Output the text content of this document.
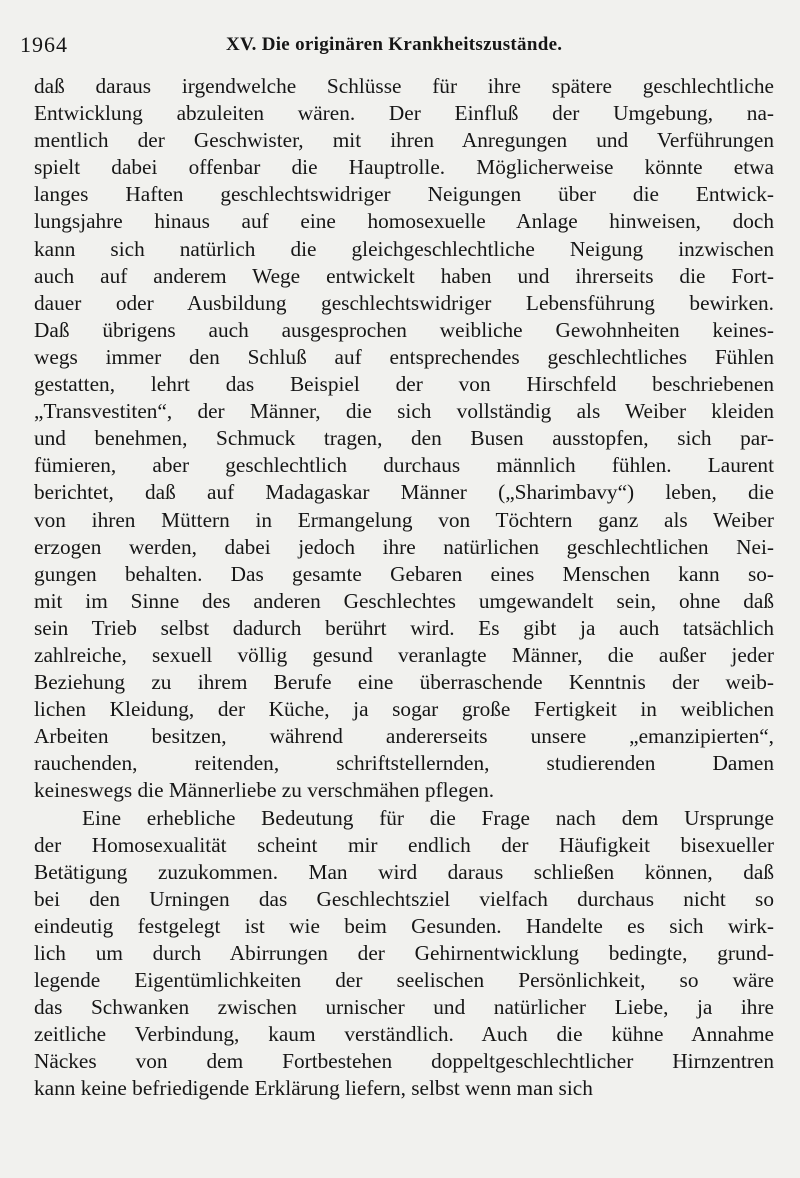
1964	XV. Die originären Krankheitszustände.
daß daraus irgendwelche Schlüsse für ihre spätere geschlechtliche
Entwicklung abzuleiten wären. Der Einfluß der Umgebung, na-
mentlich der Geschwister, mit ihren Anregungen und Verführungen
spielt dabei offenbar die Hauptrolle. Möglicherweise könnte etwa
langes Haften geschlechtswidriger Neigungen über die Entwick-
lungsjahre hinaus auf eine homosexuelle Anlage hinweisen, doch
kann sich natürlich die gleichgeschlechtliche Neigung inzwischen
auch auf anderem Wege entwickelt haben und ihrerseits die Fort-
dauer oder Ausbildung geschlechtswidriger Lebensführung bewirken.
Daß übrigens auch ausgesprochen weibliche Gewohnheiten keines-
wegs immer den Schluß auf entsprechendes geschlechtliches Fühlen
gestatten, lehrt das Beispiel der von Hirschfeld beschriebenen
„Transvestiten“, der Männer, die sich vollständig als Weiber kleiden
und benehmen, Schmuck tragen, den Busen ausstopfen, sich par-
fümieren, aber geschlechtlich durchaus männlich fühlen. Laurent
berichtet, daß auf Madagaskar Männer („Sharimbavy“) leben, die
von ihren Müttern in Ermangelung von Töchtern ganz als Weiber
erzogen werden, dabei jedoch ihre natürlichen geschlechtlichen Nei-
gungen behalten. Das gesamte Gebaren eines Menschen kann so-
mit im Sinne des anderen Geschlechtes umgewandelt sein, ohne daß
sein Trieb selbst dadurch berührt wird. Es gibt ja auch tatsächlich
zahlreiche, sexuell völlig gesund veranlagte Männer, die außer jeder
Beziehung zu ihrem Berufe eine überraschende Kenntnis der weib-
lichen Kleidung, der Küche, ja sogar große Fertigkeit in weiblichen
Arbeiten besitzen, während andererseits unsere „emanzipierten“,
rauchenden, reitenden, schriftstellernden, studierenden Damen
keineswegs die Männerliebe zu verschmähen pflegen.
Eine erhebliche Bedeutung für die Frage nach dem Ursprunge
der Homosexualität scheint mir endlich der Häufigkeit bisexueller
Betätigung zuzukommen. Man wird daraus schließen können, daß
bei den Urningen das Geschlechtsziel vielfach durchaus nicht so
eindeutig festgelegt ist wie beim Gesunden. Handelte es sich wirk-
lich um durch Abirrungen der Gehirnentwicklung bedingte, grund-
legende Eigentümlichkeiten der seelischen Persönlichkeit, so wäre
das Schwanken zwischen urnischer und natürlicher Liebe, ja ihre
zeitliche Verbindung, kaum verständlich. Auch die kühne Annahme
Näckes von dem Fortbestehen doppeltgeschlechtlicher Hirnzentren
kann keine befriedigende Erklärung liefern, selbst wenn man sich
